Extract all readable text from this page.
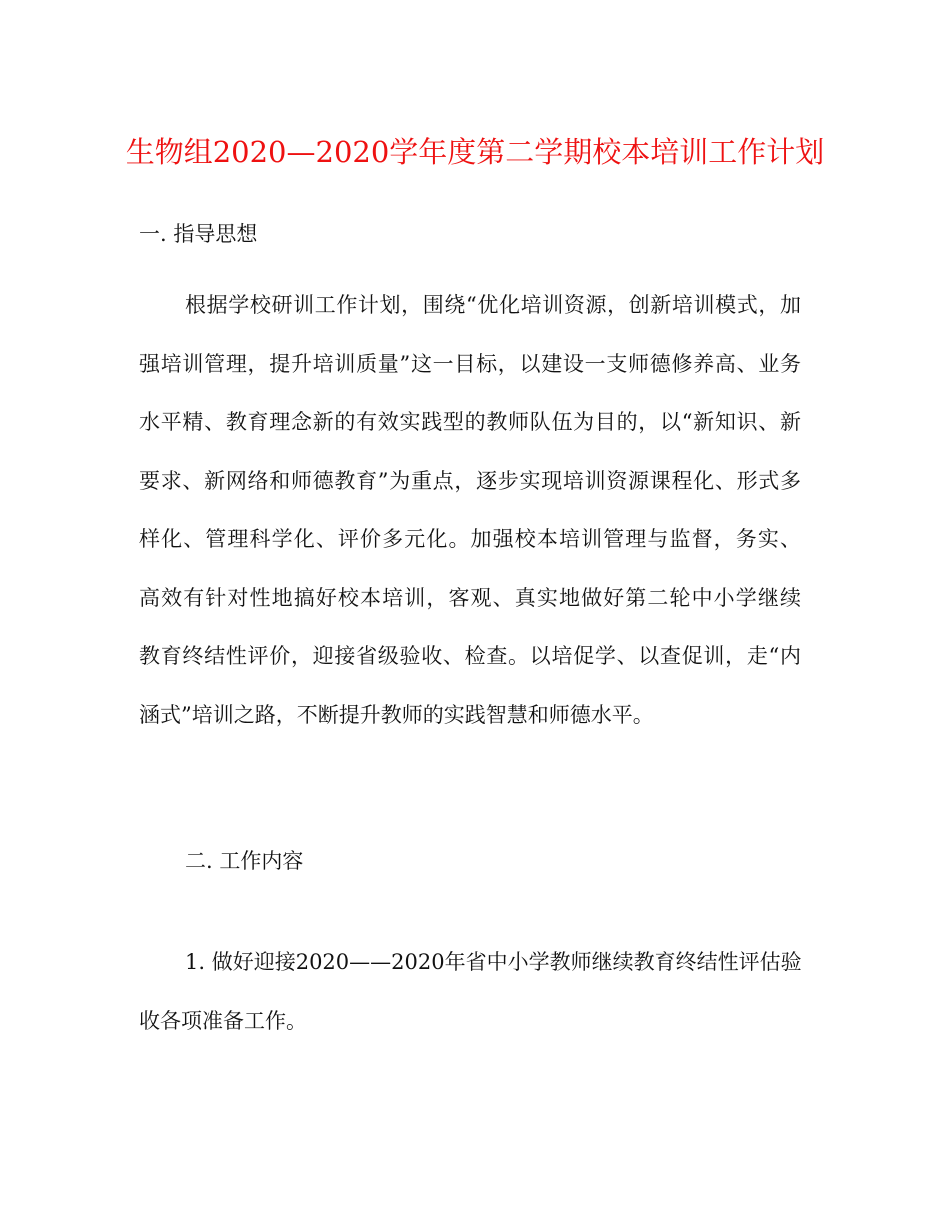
生物组2020—2020学年度第二学期校本培训工作计划
一. 指导思想
根据学校研训工作计划，围绕“优化培训资源，创新培训模式，加
强培训管理，提升培训质量”这一目标，以建设一支师德修养高、业务
水平精、教育理念新的有效实践型的教师队伍为目的，以“新知识、新
要求、新网络和师德教育”为重点，逐步实现培训资源课程化、形式多
样化、管理科学化、评价多元化。加强校本培训管理与监督，务实、
高效有针对性地搞好校本培训，客观、真实地做好第二轮中小学继续
教育终结性评价，迎接省级验收、检查。以培促学、以查促训，走“内
涵式”培训之路，不断提升教师的实践智慧和师德水平。
二. 工作内容
1. 做好迎接2020——2020年省中小学教师继续教育终结性评估验
收各项准备工作。
